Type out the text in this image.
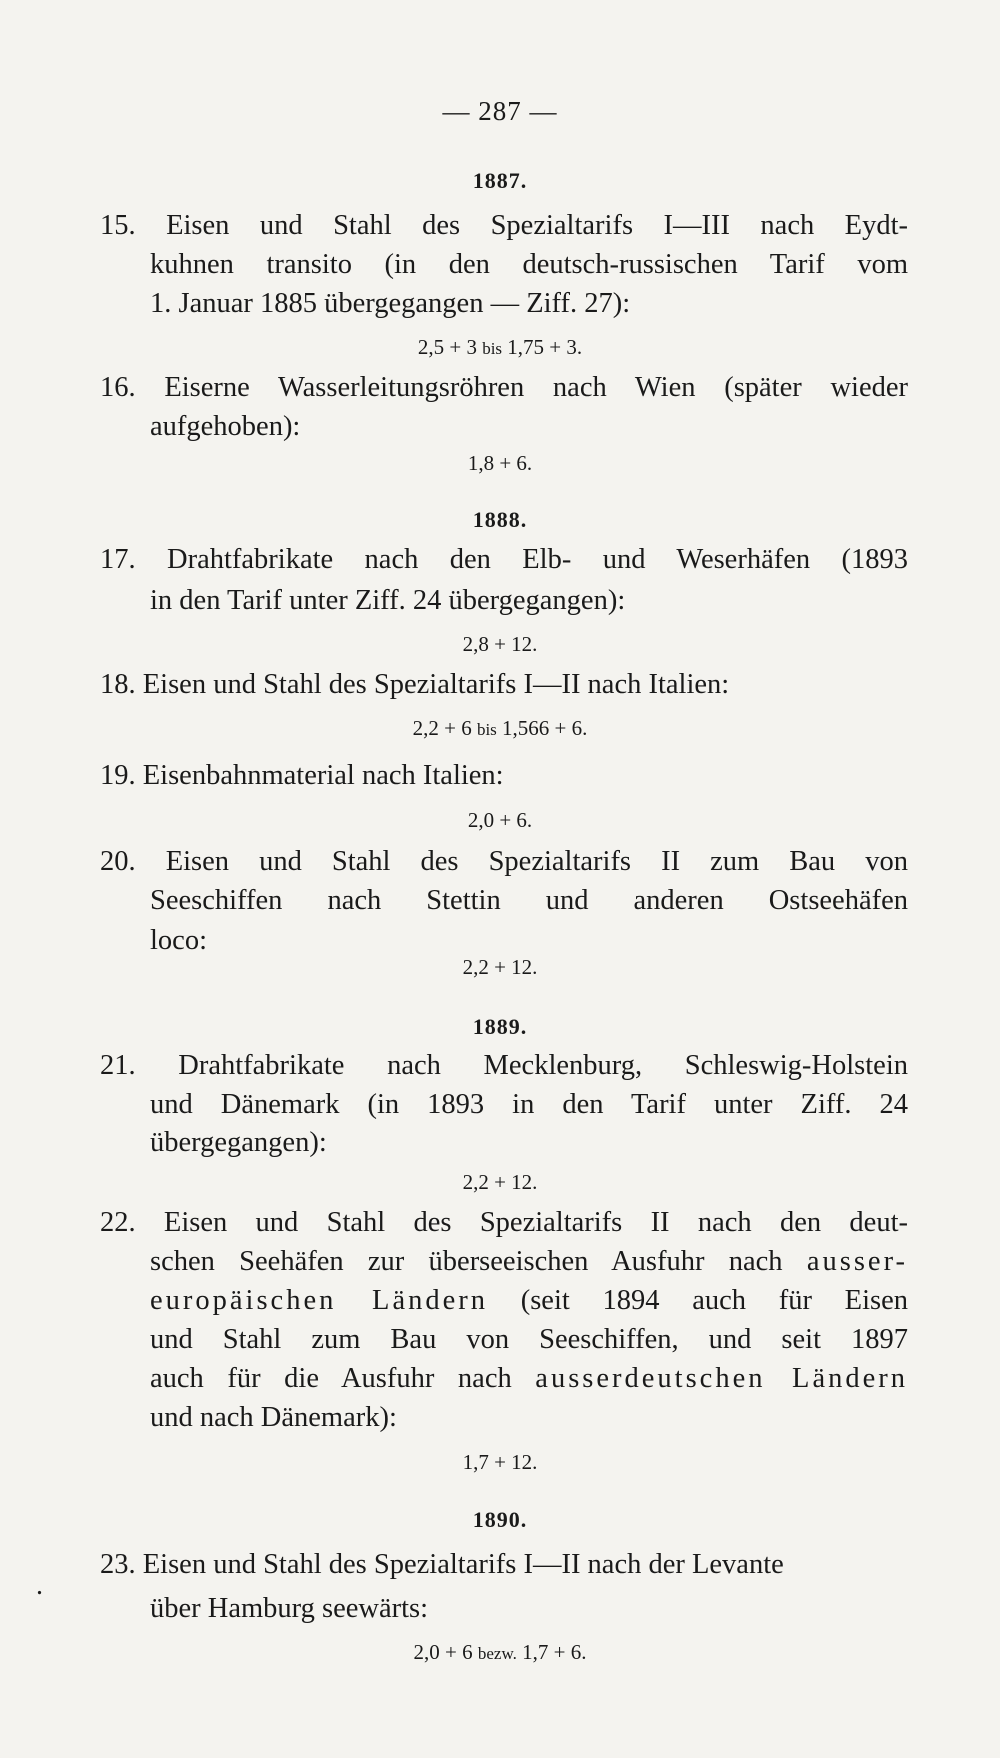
— 287 —
1887.
15. Eisen und Stahl des Spezialtarifs I—III nach Eydt-
kuhnen transito (in den deutsch-russischen Tarif vom
1. Januar 1885 übergegangen — Ziff. 27):
2,5 + 3 bis 1,75 + 3.
16. Eiserne Wasserleitungsröhren nach Wien (später wieder
aufgehoben):
1,8 + 6.
1888.
17. Drahtfabrikate nach den Elb- und Weserhäfen (1893
in den Tarif unter Ziff. 24 übergegangen):
2,8 + 12.
18. Eisen und Stahl des Spezialtarifs I—II nach Italien:
2,2 + 6 bis 1,566 + 6.
19. Eisenbahnmaterial nach Italien:
2,0 + 6.
20. Eisen und Stahl des Spezialtarifs II zum Bau von
Seeschiffen nach Stettin und anderen Ostseehäfen
loco:
2,2 + 12.
1889.
21. Drahtfabrikate nach Mecklenburg, Schleswig-Holstein
und Dänemark (in 1893 in den Tarif unter Ziff. 24
übergegangen):
2,2 + 12.
22. Eisen und Stahl des Spezialtarifs II nach den deut-
schen Seehäfen zur überseeischen Ausfuhr nach ausser-
europäischen Ländern (seit 1894 auch für Eisen
und Stahl zum Bau von Seeschiffen, und seit 1897
auch für die Ausfuhr nach ausserdeutschen Ländern
und nach Dänemark):
1,7 + 12.
1890.
.
23. Eisen und Stahl des Spezialtarifs I—II nach der Levante
über Hamburg seewärts:
2,0 + 6 bezw. 1,7 + 6.
